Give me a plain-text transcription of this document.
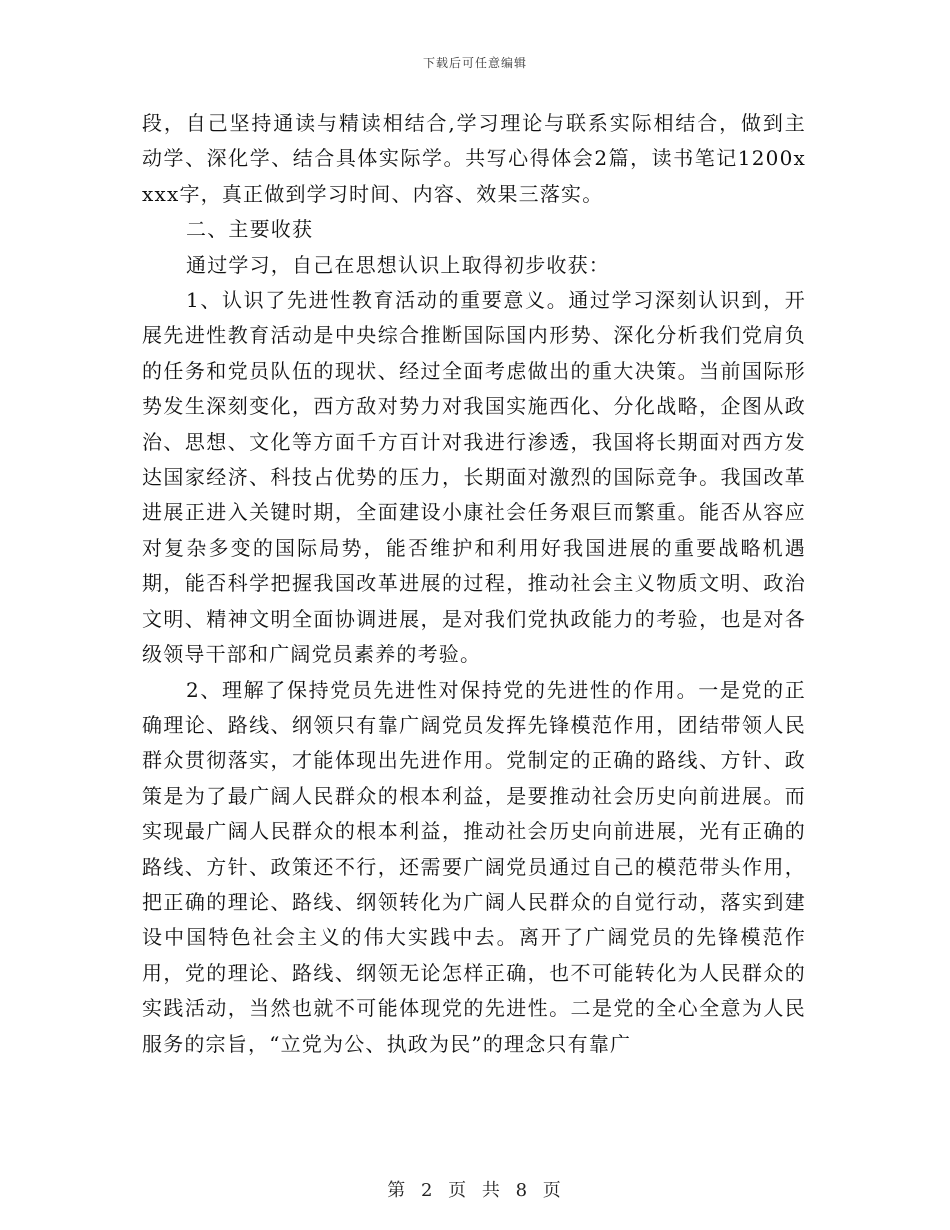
下载后可任意编辑

段，自己坚持通读与精读相结合,学习理论与联系实际相结合，做到主动学、深化学、结合具体实际学。共写心得体会2篇，读书笔记1200xxxx字，真正做到学习时间、内容、效果三落实。

二、主要收获

通过学习，自己在思想认识上取得初步收获：

1、认识了先进性教育活动的重要意义。通过学习深刻认识到，开展先进性教育活动是中央综合推断国际国内形势、深化分析我们党肩负的任务和党员队伍的现状、经过全面考虑做出的重大决策。当前国际形势发生深刻变化，西方敌对势力对我国实施西化、分化战略，企图从政治、思想、文化等方面千方百计对我进行渗透，我国将长期面对西方发达国家经济、科技占优势的压力，长期面对激烈的国际竞争。我国改革进展正进入关键时期，全面建设小康社会任务艰巨而繁重。能否从容应对复杂多变的国际局势，能否维护和利用好我国进展的重要战略机遇期，能否科学把握我国改革进展的过程，推动社会主义物质文明、政治文明、精神文明全面协调进展，是对我们党执政能力的考验，也是对各级领导干部和广阔党员素养的考验。

2、理解了保持党员先进性对保持党的先进性的作用。一是党的正确理论、路线、纲领只有靠广阔党员发挥先锋模范作用，团结带领人民群众贯彻落实，才能体现出先进作用。党制定的正确的路线、方针、政策是为了最广阔人民群众的根本利益，是要推动社会历史向前进展。而实现最广阔人民群众的根本利益，推动社会历史向前进展，光有正确的路线、方针、政策还不行，还需要广阔党员通过自己的模范带头作用，把正确的理论、路线、纲领转化为广阔人民群众的自觉行动，落实到建设中国特色社会主义的伟大实践中去。离开了广阔党员的先锋模范作用，党的理论、路线、纲领无论怎样正确，也不可能转化为人民群众的实践活动，当然也就不可能体现党的先进性。二是党的全心全意为人民服务的宗旨，“立党为公、执政为民”的理念只有靠广

第 2 页 共 8 页
